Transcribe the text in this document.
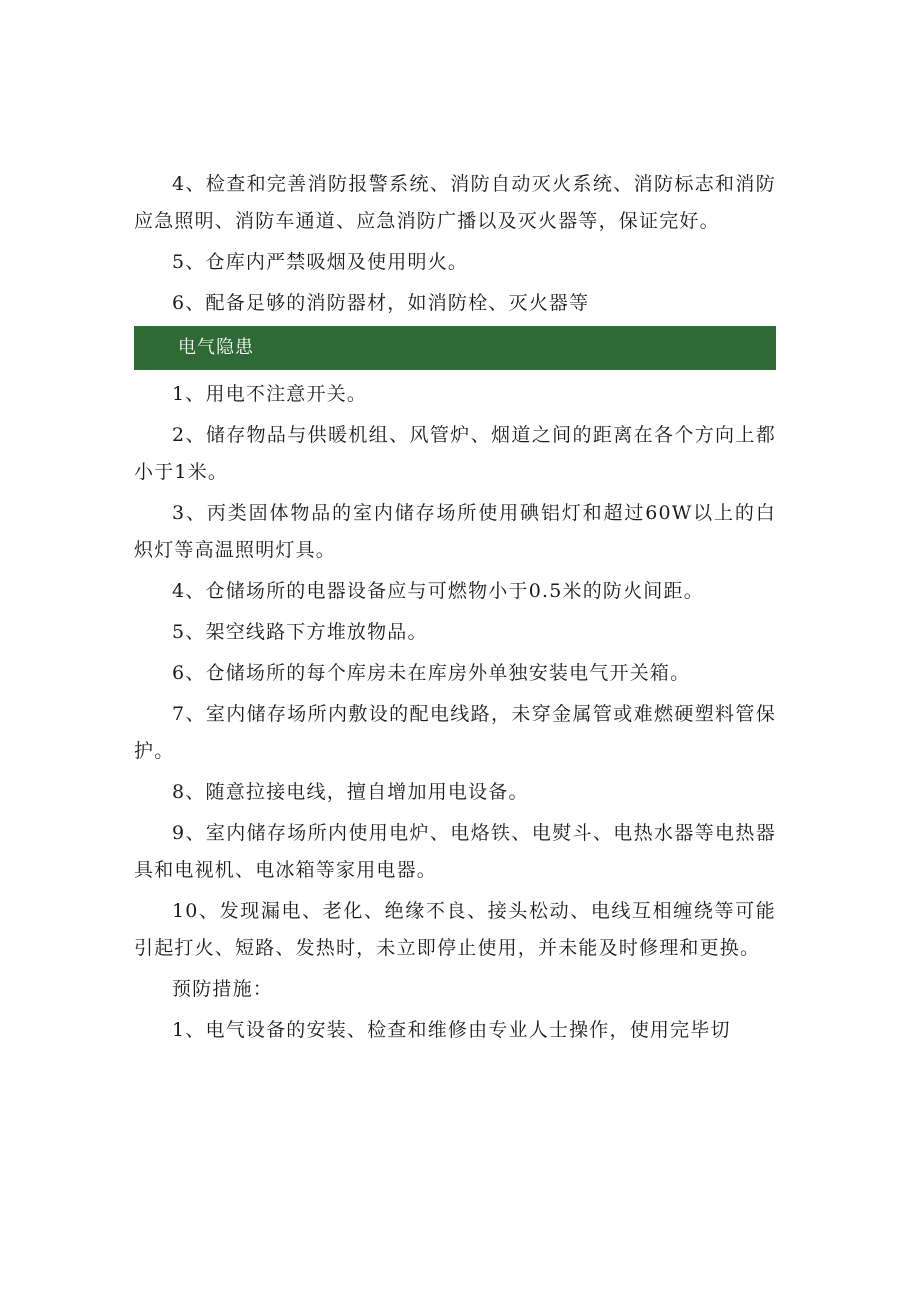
4、检查和完善消防报警系统、消防自动灭火系统、消防标志和消防应急照明、消防车通道、应急消防广播以及灭火器等，保证完好。

5、仓库内严禁吸烟及使用明火。

6、配备足够的消防器材，如消防栓、灭火器等

电气隐患

1、用电不注意开关。

2、储存物品与供暖机组、风管炉、烟道之间的距离在各个方向上都小于1米。

3、丙类固体物品的室内储存场所使用碘铝灯和超过60W以上的白炽灯等高温照明灯具。

4、仓储场所的电器设备应与可燃物小于0.5米的防火间距。

5、架空线路下方堆放物品。

6、仓储场所的每个库房未在库房外单独安装电气开关箱。

7、室内储存场所内敷设的配电线路，未穿金属管或难燃硬塑料管保护。

8、随意拉接电线，擅自增加用电设备。

9、室内储存场所内使用电炉、电烙铁、电熨斗、电热水器等电热器具和电视机、电冰箱等家用电器。

10、发现漏电、老化、绝缘不良、接头松动、电线互相缠绕等可能引起打火、短路、发热时，未立即停止使用，并未能及时修理和更换。

预防措施：

1、电气设备的安装、检查和维修由专业人士操作，使用完毕切
